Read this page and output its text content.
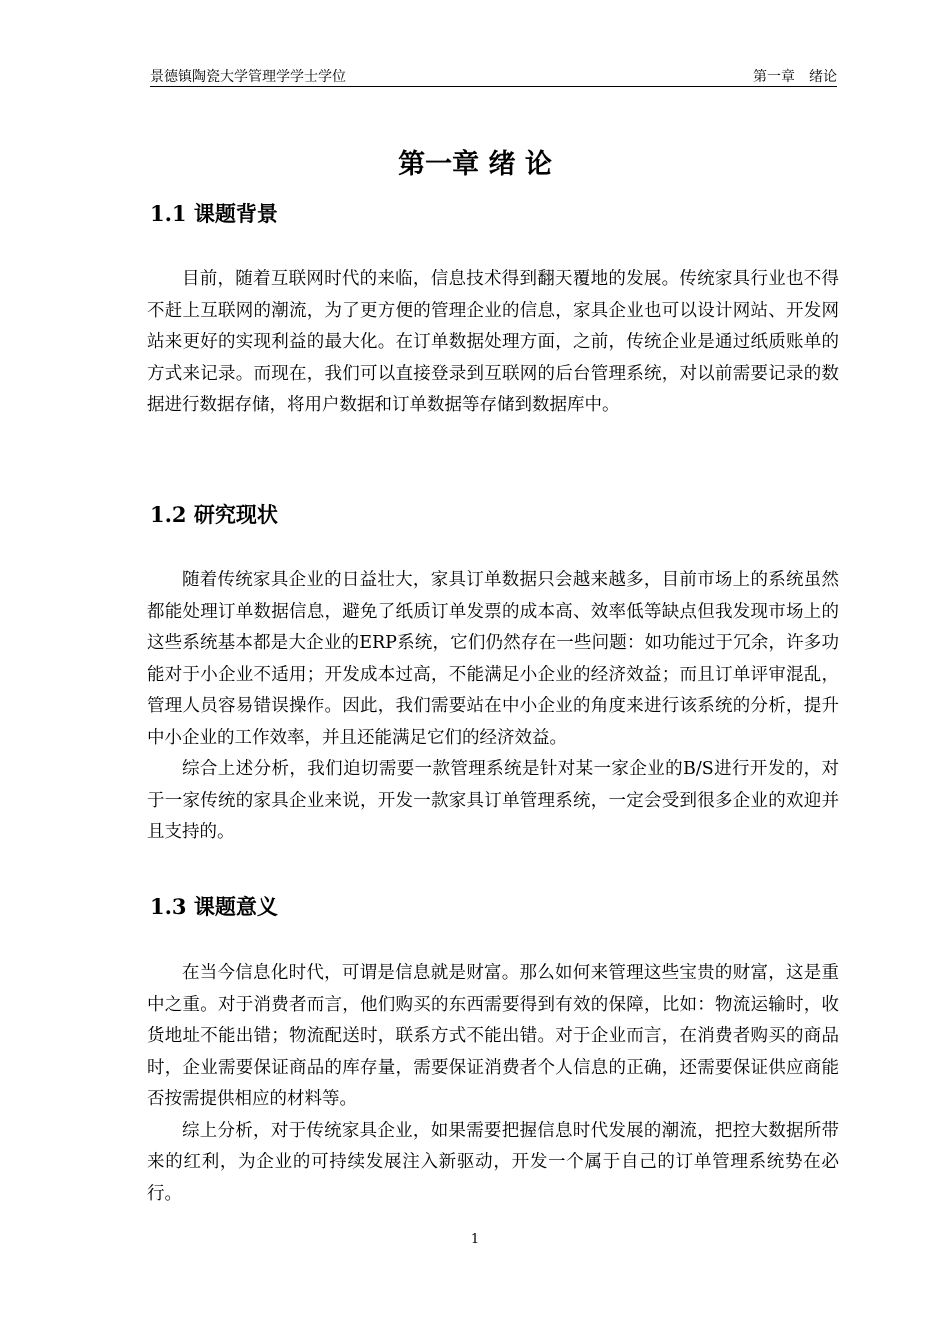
景德镇陶瓷大学管理学学士学位	第一章　绪论
第一章 绪 论
1.1 课题背景

目前，随着互联网时代的来临，信息技术得到翻天覆地的发展。传统家具行业也不得不赶上互联网的潮流，为了更方便的管理企业的信息，家具企业也可以设计网站、开发网站来更好的实现利益的最大化。在订单数据处理方面，之前，传统企业是通过纸质账单的方式来记录。而现在，我们可以直接登录到互联网的后台管理系统，对以前需要记录的数据进行数据存储，将用户数据和订单数据等存储到数据库中。

1.2 研究现状

随着传统家具企业的日益壮大，家具订单数据只会越来越多，目前市场上的系统虽然都能处理订单数据信息，避免了纸质订单发票的成本高、效率低等缺点但我发现市场上的这些系统基本都是大企业的ERP系统，它们仍然存在一些问题：如功能过于冗余，许多功能对于小企业不适用；开发成本过高，不能满足小企业的经济效益；而且订单评审混乱，管理人员容易错误操作。因此，我们需要站在中小企业的角度来进行该系统的分析，提升中小企业的工作效率，并且还能满足它们的经济效益。

综合上述分析，我们迫切需要一款管理系统是针对某一家企业的B/S进行开发的，对于一家传统的家具企业来说，开发一款家具订单管理系统，一定会受到很多企业的欢迎并且支持的。

1.3 课题意义

在当今信息化时代，可谓是信息就是财富。那么如何来管理这些宝贵的财富，这是重中之重。对于消费者而言，他们购买的东西需要得到有效的保障，比如：物流运输时，收货地址不能出错；物流配送时，联系方式不能出错。对于企业而言，在消费者购买的商品时，企业需要保证商品的库存量，需要保证消费者个人信息的正确，还需要保证供应商能否按需提供相应的材料等。

综上分析，对于传统家具企业，如果需要把握信息时代发展的潮流，把控大数据所带来的红利，为企业的可持续发展注入新驱动，开发一个属于自己的订单管理系统势在必行。

1
